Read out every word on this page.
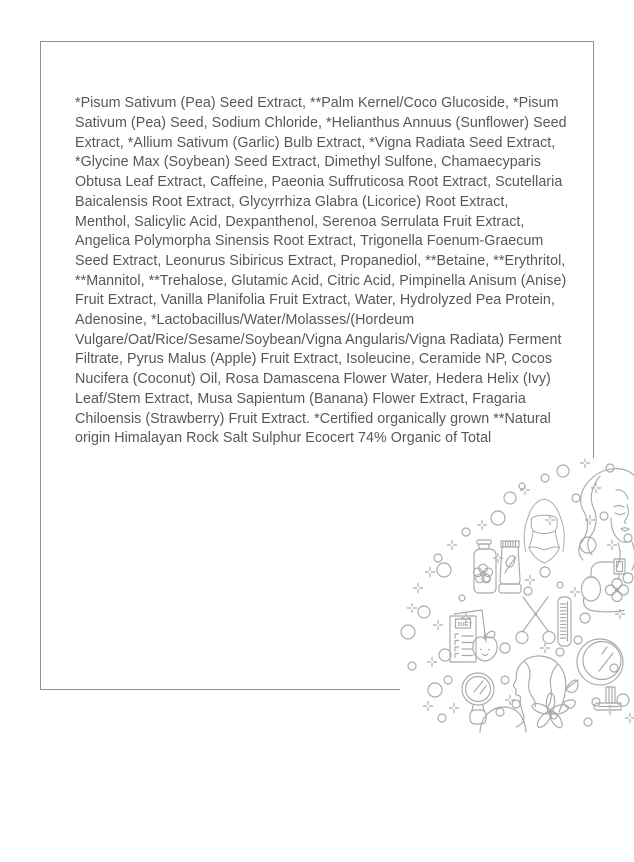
*Pisum Sativum (Pea) Seed Extract, **Palm Kernel/Coco Glucoside, *Pisum Sativum (Pea) Seed, Sodium Chloride, *Helianthus Annuus (Sunflower) Seed Extract, *Allium Sativum (Garlic) Bulb Extract, *Vigna Radiata Seed Extract, *Glycine Max (Soybean) Seed Extract, Dimethyl Sulfone, Chamaecyparis Obtusa Leaf Extract, Caffeine, Paeonia Suffruticosa Root Extract, Scutellaria Baicalensis Root Extract, Glycyrrhiza Glabra (Licorice) Root Extract, Menthol, Salicylic Acid, Dexpanthenol, Serenoa Serrulata Fruit Extract, Angelica Polymorpha Sinensis Root Extract, Trigonella Foenum-Graecum Seed Extract, Leonurus Sibiricus Extract, Propanediol, **Betaine, **Erythritol, **Mannitol, **Trehalose, Glutamic Acid, Citric Acid, Pimpinella Anisum (Anise) Fruit Extract, Vanilla Planifolia Fruit Extract, Water, Hydrolyzed Pea Protein, Adenosine, *Lactobacillus/Water/Molasses/(Hordeum Vulgare/Oat/Rice/Sesame/Soybean/Vigna Angularis/Vigna Radiata) Ferment Filtrate, Pyrus Malus (Apple) Fruit Extract, Isoleucine, Ceramide NP, Cocos Nucifera (Coconut) Oil, Rosa Damascena Flower Water, Hedera Helix (Ivy) Leaf/Stem Extract, Musa Sapientum (Banana) Flower Extract, Fragaria Chiloensis (Strawberry) Fruit Extract. *Certified organically grown **Natural origin Himalayan Rock Salt Sulphur Ecocert 74% Organic of Total

DIET
